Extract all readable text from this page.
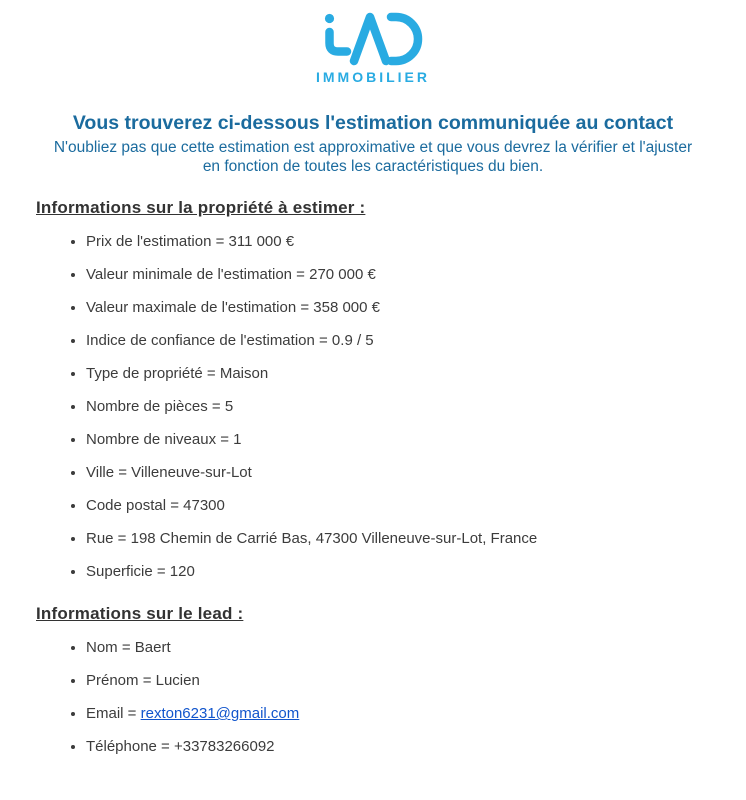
IMMOBILIER
Vous trouverez ci-dessous l'estimation communiquée au contact
N'oubliez pas que cette estimation est approximative et que vous devrez la vérifier et l'ajuster
en fonction de toutes les caractéristiques du bien.
Informations sur la propriété à estimer :
• Prix de l'estimation = 311 000 €
• Valeur minimale de l'estimation = 270 000 €
• Valeur maximale de l'estimation = 358 000 €
• Indice de confiance de l'estimation = 0.9 / 5
• Type de propriété = Maison
• Nombre de pièces = 5
• Nombre de niveaux = 1
• Ville = Villeneuve-sur-Lot
• Code postal = 47300
• Rue = 198 Chemin de Carrié Bas, 47300 Villeneuve-sur-Lot, France
• Superficie = 120
Informations sur le lead :
• Nom = Baert
• Prénom = Lucien
• Email = rexton6231@gmail.com
• Téléphone = +33783266092
